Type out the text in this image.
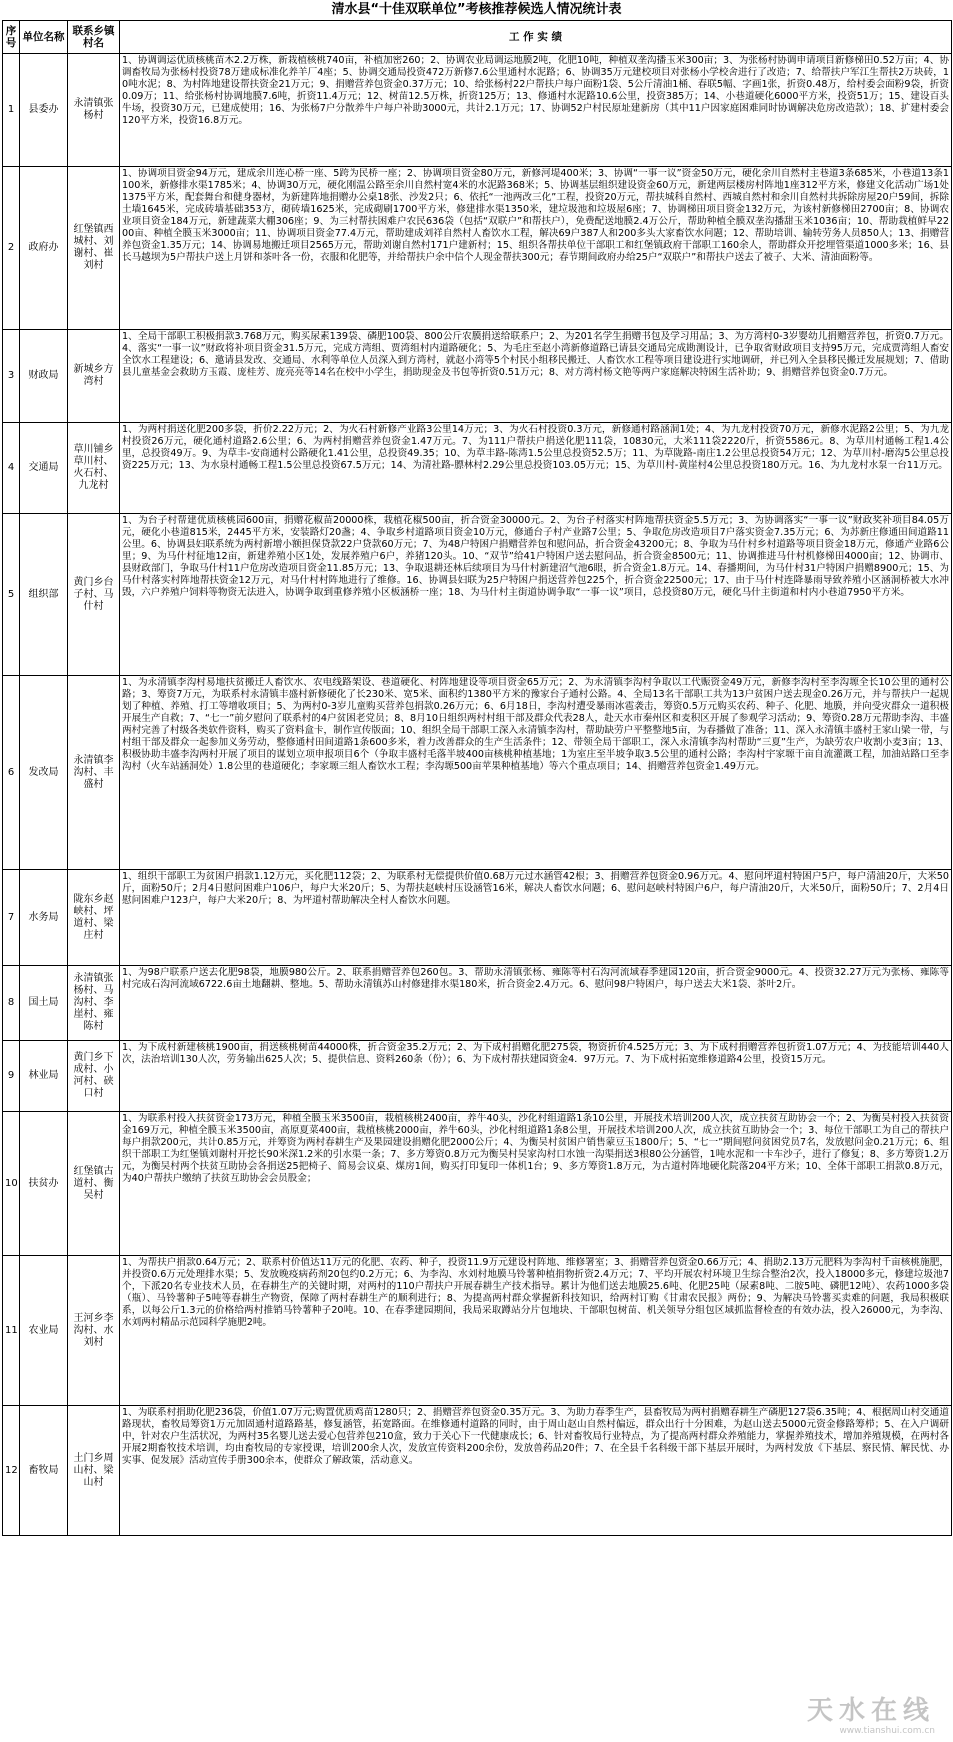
清水县“十佳双联单位”考核推荐候选人情况统计表
序号	单位名称	联系乡镇村名	工 作 实 绩
1	县委办	永清镇张杨村	1、协调调运优质核桃苗木2.2万株，新栽植核桃740亩，补植加密260；2、协调农业局调运地膜2吨，化肥10吨，种植双垄沟播玉米300亩；3、为张杨村协调申请项目新修梯田0.52万亩；4、协调畜牧局为张杨村投资78万建成标准化养羊厂4座；5、协调交通局投资472万新修7.6公里通村水泥路；6、协调35万元建校项目对张杨小学校舍进行了改造；7、给帮扶户军江生帮扶2万块砖，10吨水泥；8、为村阵地建设帮扶资金21万元；9、捐赠营养包资金0.37万元；10、给张杨村22户帮扶户每户面粉1袋、5公斤清油1桶、春联5幅、字画1张，折资0.48万，给村委会面粉9袋，折资0.09万；11、给张杨村协调地膜7.6吨，折资11.4万元；12、树苗12.5万株，折资125万；13、修通村水泥路10.6公里，投资385万；14、小巷道硬化6000平方米，投资51万；15、建设百头牛场，投资30万元，已建成使用；16、为张杨7户分散养牛户每户补助3000元，共计2.1万元；17、协调52户村民原址建新房（其中11户因家庭困难同时协调解决危房改造款）；18、扩建村委会120平方米，投资16.8万元。

2	政府办	红堡镇西城村、刘谢村、崔刘村	1、协调项目资金94万元，建成余川连心桥一座、5跨为民桥一座；2、协调项目资金80万元，新修河堤400米；3、协调“一事一议”资金50万元，硬化余川自然村主巷道3条685米，小巷道13条1100米，新修排水渠1785米；4、协调30万元，硬化刚温公路至余川自然村宽4米的水泥路368米；5、协调基层组织建设资金60万元，新建两层楼房村阵地1座312平方米，修建文化活动广场1处1375平方米，配套舞台和健身器材，为新建阵地捐赠办公桌18张、沙发2只；6、依托“一池两改三化”工程，投资20万元，帮扶城科自然村、西城自然村和余川自然村共拆除房屋20户59间，拆除土墙1645米，完成砖墙基础353方，砌砖墙1625米，完成砌刷1700平方米，修建排水渠1350米，建垃圾池和垃圾屋6座；7、协调梯田项目资金132万元，为该村新修梯田2700亩；8、协调农业项目资金184万元，新建蔬菜大棚306座；9、为三村帮扶困难户农民636袋（包括“双联户”和帮扶户），免费配送地膜2.4万公斤，帮助种植全膜双垄沟播甜玉米1036亩；10、帮助栽植鲜早2200亩、种植全膜玉米3000亩；11、协调项目资金77.4万元，帮助建成刘祥自然村人畜饮水工程，解决69户387人和200多头大家畜饮水问题；12、帮助培训、输转劳务人员850人；13、捐赠营养包资金1.35万元；14、协调易地搬迁项目2565万元，帮助刘谢自然村171户建新村；15、组织各帮扶单位干部职工和红堡镇政府干部职工160余人，帮助群众开挖埋管渠道1000多米；16、县长马越坝为5户帮扶户送上月饼和茶叶各一份，衣服和化肥等，并给帮扶户余中信个人现金帮扶300元；春节期间政府办给25户“双联户”和帮扶户送去了被子、大米、清油面粉等。

3	财政局	新城乡方湾村	1、全局干部职工积极捐款3.768万元，购买尿素139袋、磷肥100袋、800公斤农膜捐送给联系户；2、为201名学生捐赠书包及学习用品；3、为方湾村0-3岁婴幼儿捐赠营养包，折资0.7万元。4、落实“一事一议”财政将补项目资金31.5万元，完成方湾组、贾湾组村内道路硬化；5、为毛庄至赵小湾新修道路已请县交通局完成勘测设计，已争取省财政项目支持95万元，完成贾湾组人畜安全饮水工程建设；6、邀请县发改、交通局、水利等单位人员深入到方湾村，就赵小湾等5个村民小组移民搬迁、人畜饮水工程等项目建设进行实地调研，并已列入全县移民搬迁发展规划；7、借助县儿童基金会救助方玉霞、庞桂芳、庞亮亮等14名在校中小学生，捐助现金及书包等折资0.51万元；8、对方湾村杨文艳等两户家庭解决特困生活补助；9、捐赠营养包资金0.7万元。

4	交通局	草川铺乡草川村、火石村、九龙村	1、为两村捐送化肥200多袋，折价2.22万元；2、为火石村新修产业路3公里14万元；3、为火石村投资0.3万元，新修通村路涵洞1处；4、为九龙村投资70万元，新修水泥路2公里；5、为九龙村投资26万元，硬化通村道路2.6公里；6、为两村捐赠营养包资金1.47万元。7、为111户帮扶户捐送化肥111袋，10830元，大米111袋2220斤，折资5586元。8、为草川村通畅工程1.4公里，总投资49万。9、为草丰-安商通村公路硬化1.41公里，总投资49.35；10、为草丰路-陈湾1.5公里总投资52.5万；11、为草陇路-南庄1.2公里总投资54万元；12、为草川村-磨沟5公里总投资225万元；13、为水泉村通畅工程1.5公里总投资67.5万元；14、为清社路-膘林村2.29公里总投资103.05万元；15、为草川村-黄崖村4公里总投资180万元。16、为九龙村水泵一台11万元。

5	组织部	黄门乡台子村、马什村	1、为台子村帮建优质核桃园600亩，捐赠花椒苗20000株，栽植花椒500亩，折合资金30000元。2、为台子村落实村阵地帮扶资金5.5万元；3、为协调落实“一事一议”财政奖补项目84.05万元，硬化小巷道815米，2445平方米，安装路灯20盏；4、争取乡村道路项目资金10万元，修通台子村产业路7公里；5、争取危房改造项目7户落实资金7.35万元；6、为苏新庄修通田间道路11公里。6、协调县妇联系统为两村新增小额担保贷款22户贷款60万元；7、为48户特困户捐赠营养包和慰问品，折合资金43200元；8、争取为马什村乡村道路等项目资金18万元，修通产业路6公里；9、为马什村征地12亩，新建养殖小区1处，发展养殖户6户，养猪120头。10、“双节”给41户特困户送去慰问品，折合资金8500元；11、协调推进马什村机修梯田4000亩；12、协调市、县财政部门，争取马什村11户危房改造项目资金11.85万元；13、争取退耕还林后续项目为马什村新建沼气池6眼，折合资金1.8万元。14、春播期间，为马什村31户特困户捐赠8900元；15、为马什村落实村阵地帮扶资金12万元，对马什村村阵地进行了维修。16、协调县妇联为25户特困户捐送营养包225个，折合资金22500元；17、由于马什村连降暴雨导致养殖小区涵洞桥被大水冲毁，六户养殖户饲料等物资无法进入，协调争取到重修养殖小区板涵桥一座；18、为马什村主街道协调争取“一事一议”项目，总投资80万元，硬化马什主街道和村内小巷道7950平方米。

6	发改局	永清镇李沟村、丰盛村	1、为永清镇李沟村易地扶贫搬迁人畜饮水、农电线路架设、巷道硬化、村阵地建设等项目资金65万元；2、为永清镇李沟村争取以工代赈资金49万元，新修李沟村至李沟塬全长10公里的通村公路；3、筹资7万元，为联系村永清镇丰盛村新修硬化了长230米、宽5米、面积约1380平方米的豫家台子通村公路。4、全局13名干部职工共为13户贫困户送去现金0.26万元，并与帮扶户一起规划了种植、养殖、打工等增收项目；5、为两村0-3岁儿童购买营养包捐款0.26万元；6、6月18日，李沟村遭受暴雨冰雹袭击，筹资0.5万元购买农药、种子、化肥、地膜，并向受灾群众一道积极开展生产自救；7、“七一”前夕慰问了联系村的4户贫困老党员；8、8月10日组织两村村组干部及群众代表28人，赴天水市秦州区和麦积区开展了参观学习活动；9、筹资0.28万元帮助李沟、丰盛两村完善了村级各类软件资料，购买了资料盒卡，制作宣传版面；10、组织全局干部职工深入永清镇李沟村，帮助缺劳户平整整地5亩，为春播做了准备；11、深入永清镇丰盛村王家山梁一带，与村组干部及群众一起参加义务劳动，整修通村田间道路1条600多米，着力改善群众的生产生活条件；12、带领全局干部职工，深入永清镇李沟村帮助“三夏”生产，为缺劳农户收割小麦3亩；13、积极协助丰盛李沟两村开展了项目的谋划立项申报项目6个（争取丰盛村毛落半坡400亩核桃种植基地；1为室庄至半坡争取3.5公里的通村公路；李沟村宇家塬干亩自流灌溉工程，加油站路口至李沟村（火车站涵洞处）1.8公里的巷道硬化；李家塬三组人畜饮水工程；李沟塬500亩苹果种植基地）等六个重点项目；14、捐赠营养包资金1.49万元。

7	水务局	陇东乡赵峡村、坪道村、梁庄村	1、组织干部职工为贫困户捐款1.12万元，买化肥112袋；2、为联系村无偿提供价值0.68万元过水涵管42根；3、捐赠营养包资金0.96万元。4、慰问坪道村特困户5户，每户清油20斤，大米50斤，面粉50斤；2月4日慰问困难户106户，每户大米20斤；5、为帮扶赵峡村压设涵管16米，解决人畜饮水问题；6、慰问赵峡村特困户6户，每户清油20斤，大米50斤，面粉50斤；7、2月4日慰问困难户123户，每户大米20斤；8、为坪道村帮助解决全村人畜饮水问题。

8	国土局	永清镇张杨村、马沟村、李崖村、雍陈村	1、为98户联系户送去化肥98袋，地膜980公斤。2、联系捐赠营养包260包。3、帮助永清镇张杨、雍陈等村石沟河流域春季建园120亩，折合资金9000元。4、投资32.27万元为张杨、雍陈等村完成石沟河流域6722.6亩土地翻耕、整地。5、帮助永清镇苏山村修建排水渠180米，折合资金2.4万元。6、慰问98户特困户，每户送去大米1袋、茶叶2斤。

9	林业局	黄门乡下成村、小河村、硖口村	1、为下成村新建核桃1900亩，捐送核桃树苗44000株，折合资金35.2万元；2、为下成村捐赠化肥275袋，物资折价4.525万元；3、为下成村捐赠营养包折资1.07万元；4、为技能培训440人次，法治培训130人次，劳务输出625人次；5、提供信息、资料260条（份）；6、为下成村帮扶建园资金4．97万元。7、为下成村拓宽维修道路4公里，投资15万元。

10	扶贫办	红堡镇古道村、衡吴村	1、为联系村投入扶贫资金173万元，种植全膜玉米3500亩，栽植核桃2400亩，养牛40头，沙化村组道路1条10公里，开展技术培训200人次，成立扶贫互助协会一个；2、为衡吴村投入扶贫资金169万元，种植全膜玉米3500亩，高原夏菜400亩，栽植核桃2000亩，养牛60头，沙化村组道路1条8公里，开展技术培训200人次，成立扶贫互助协会一个；3、每位干部职工为自己的帮扶户每户捐款200元，共计0.85万元，并筹资为两村春耕生产及果园建设捐赠化肥2000公斤；4、为衡吴村贫困户销售蒙豆玉1800斤；5、“七一”期间慰问贫困党员7名，发放慰问金0.21万元；6、组织干部职工为红堡镇刘谢村开挖长90米深1.2米的引水渠一条；7、多方筹资0.8万元为衡吴村吴家沟村口水蚀一沟渠捐送3根80公分涵管，1吨水泥和一卡车沙子，进行了修复；8、多方筹资1.2万元，为衡吴村两个扶贫互助协会各捐送25把椅子、简易会议桌、煤房1间，购买打印复印一体机1台；9、多方筹资1.8万元，为古道村阵地硬化院落204平方米；10、全体干部职工捐款0.8万元，为40户帮扶户缴纳了扶贫互助协会会员股金；

11	农业局	王河乡李沟村、水刘村	1、为帮扶户捐款0.64万元；2、联系村价值达11万元的化肥、农药、种子，投资11.9万元建设村阵地、维修署室；3、捐赠营养包资金0.66万元；4、捐助2.13万元肥料为李沟村千亩核桃施肥，并投资0.6万元处理排水渠；5、发放晚疫病药剂20包约0.2万元；6、为李沟、水刘村地膜马铃薯种植捐物折资2.4万元；7、平均开展农村环境卫生综合整治2次，投入18000多元，修建垃圾池7个，下派20名专业技术人员，在春耕生产的关键时期，对两村的110户帮扶户开展春耕生产技术指导。累计为他们送去地膜25.6吨、化肥25吨（尿素8吨、二胺5吨、磷肥12吨）、农药1000多袋（瓶）、马铃薯种子5吨等春耕生产物资，保障了两村春耕生产的顺利进行；8、为提高两村群众掌握新科技知识，给两村订购《甘肃农民报》两份；9、为解决马铃薯买卖难的问题，我局积极联系，以每公斤1.3元的价格给两村推销马铃薯种子20吨。10、在春季建园期间，我局采取蹲站分片包地块、干部职包树苗、机关领导分组包区域抓监督检查的有效办法，投入26000元，为李沟、水刘两村精品示范园科学施肥2吨。

12	畜牧局	土门乡周山村、梁山村	1、为联系村捐助化肥236袋，价值1.07万元;购置优质鸡苗1280只；2、捐赠营养包资金0.35万元。3、为助力春季生产，县畜牧局为两村捐赠春耕生产磷肥127袋6.35吨；4、根据周山村交通道路现状，畜牧局筹资1万元加固通村道路路基，修复涵管，拓宽路面。在维修通村道路的同时，由于周山赵山自然村偏远，群众出行十分困难，为赵山送去5000元资金修路筹栉；5、在入户调研中，针对农户生活状况，为两村35名婴儿送去爱心包营养包210盒，致力于关心下一代健康成长；6、针对畜牧局行业特点，为了提高两村群众养殖能力，掌握养殖技术，增加养殖规模，在两村各开展2期畜牧技术培训，均由畜牧局的专家授课，培训200余人次，发放宣传资料200余份，发放兽药品20件；7、在全县千名科级干部下基层开展时，为两村发放《下基层、察民情、解民忧、办实事、促发展》活动宣传手册300余本，使群众了解政策，活动意义。
天水在线
www.tianshui.com.cn
